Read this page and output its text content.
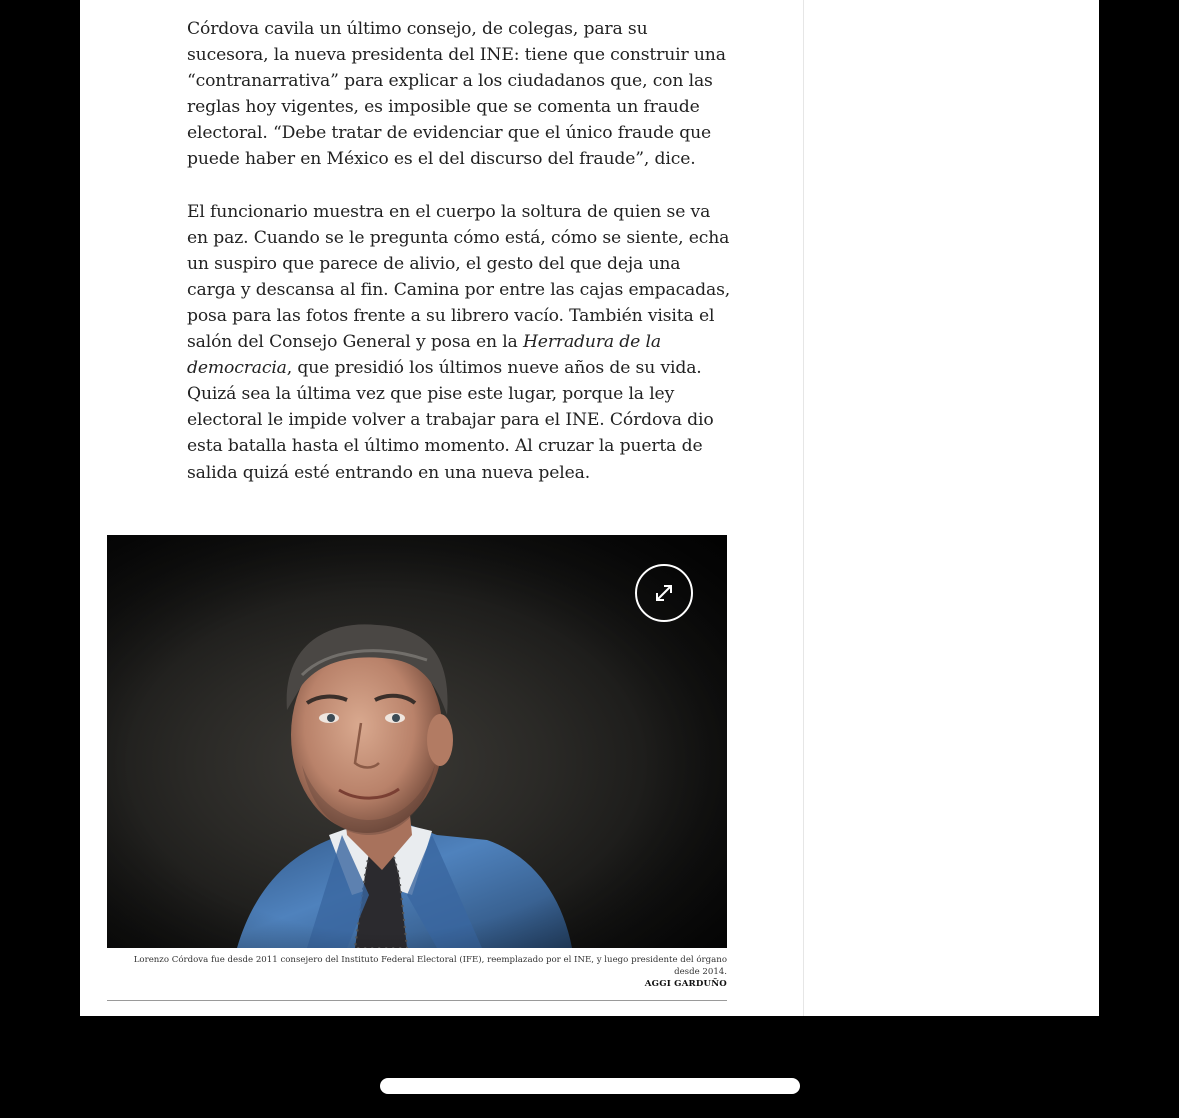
Córdova cavila un último consejo, de colegas, para su sucesora, la nueva presidenta del INE: tiene que construir una “contranarrativa” para explicar a los ciudadanos que, con las reglas hoy vigentes, es imposible que se comenta un fraude electoral. “Debe tratar de evidenciar que el único fraude que puede haber en México es el del discurso del fraude”, dice.

El funcionario muestra en el cuerpo la soltura de quien se va en paz. Cuando se le pregunta cómo está, cómo se siente, echa un suspiro que parece de alivio, el gesto del que deja una carga y descansa al fin. Camina por entre las cajas empacadas, posa para las fotos frente a su librero vacío. También visita el salón del Consejo General y posa en la Herradura de la democracia, que presidió los últimos nueve años de su vida. Quizá sea la última vez que pise este lugar, porque la ley electoral le impide volver a trabajar para el INE. Córdova dio esta batalla hasta el último momento. Al cruzar la puerta de salida quizá esté entrando en una nueva pelea.

Lorenzo Córdova fue desde 2011 consejero del Instituto Federal Electoral (IFE), reemplazado por el INE, y luego presidente del órgano desde 2014.
AGGI GARDUÑO
